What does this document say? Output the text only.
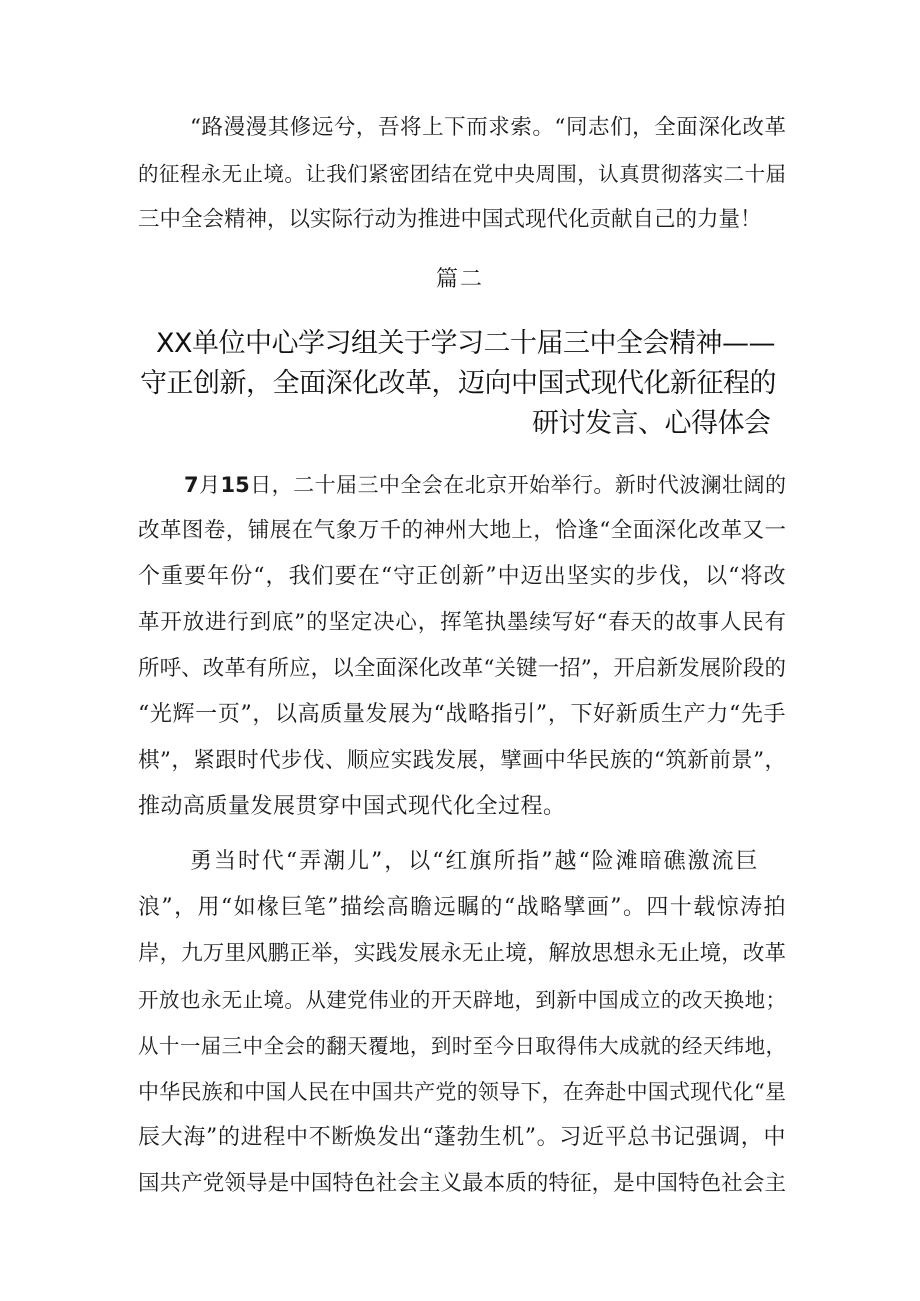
“路漫漫其修远兮，吾将上下而求索。“同志们，全面深化改革
的征程永无止境。让我们紧密团结在党中央周围，认真贯彻落实二十届
三中全会精神，以实际行动为推进中国式现代化贡献自己的力量！
篇二
XX单位中心学习组关于学习二十届三中全会精神——
守正创新，全面深化改革，迈向中国式现代化新征程的
研讨发言、心得体会
7月15日，二十届三中全会在北京开始举行。新时代波澜壮阔的
改革图卷，铺展在气象万千的神州大地上，恰逢“全面深化改革又一
个重要年份“，我们要在“守正创新”中迈出坚实的步伐，以“将改
革开放进行到底”的坚定决心，挥笔执墨续写好“春天的故事人民有
所呼、改革有所应，以全面深化改革“关键一招”，开启新发展阶段的
“光辉一页”，以高质量发展为“战略指引”，下好新质生产力“先手
棋”，紧跟时代步伐、顺应实践发展，擘画中华民族的“筑新前景”，
推动高质量发展贯穿中国式现代化全过程。
勇当时代“弄潮儿”，以“红旗所指”越“险滩暗礁激流巨
浪”，用“如椽巨笔”描绘高瞻远瞩的“战略擘画”。四十载惊涛拍
岸，九万里风鹏正举，实践发展永无止境，解放思想永无止境，改革
开放也永无止境。从建党伟业的开天辟地，到新中国成立的改天换地；
从十一届三中全会的翻天覆地，到时至今日取得伟大成就的经天纬地，
中华民族和中国人民在中国共产党的领导下，在奔赴中国式现代化“星
辰大海”的进程中不断焕发出“蓬勃生机”。习近平总书记强调，中
国共产党领导是中国特色社会主义最本质的特征，是中国特色社会主
